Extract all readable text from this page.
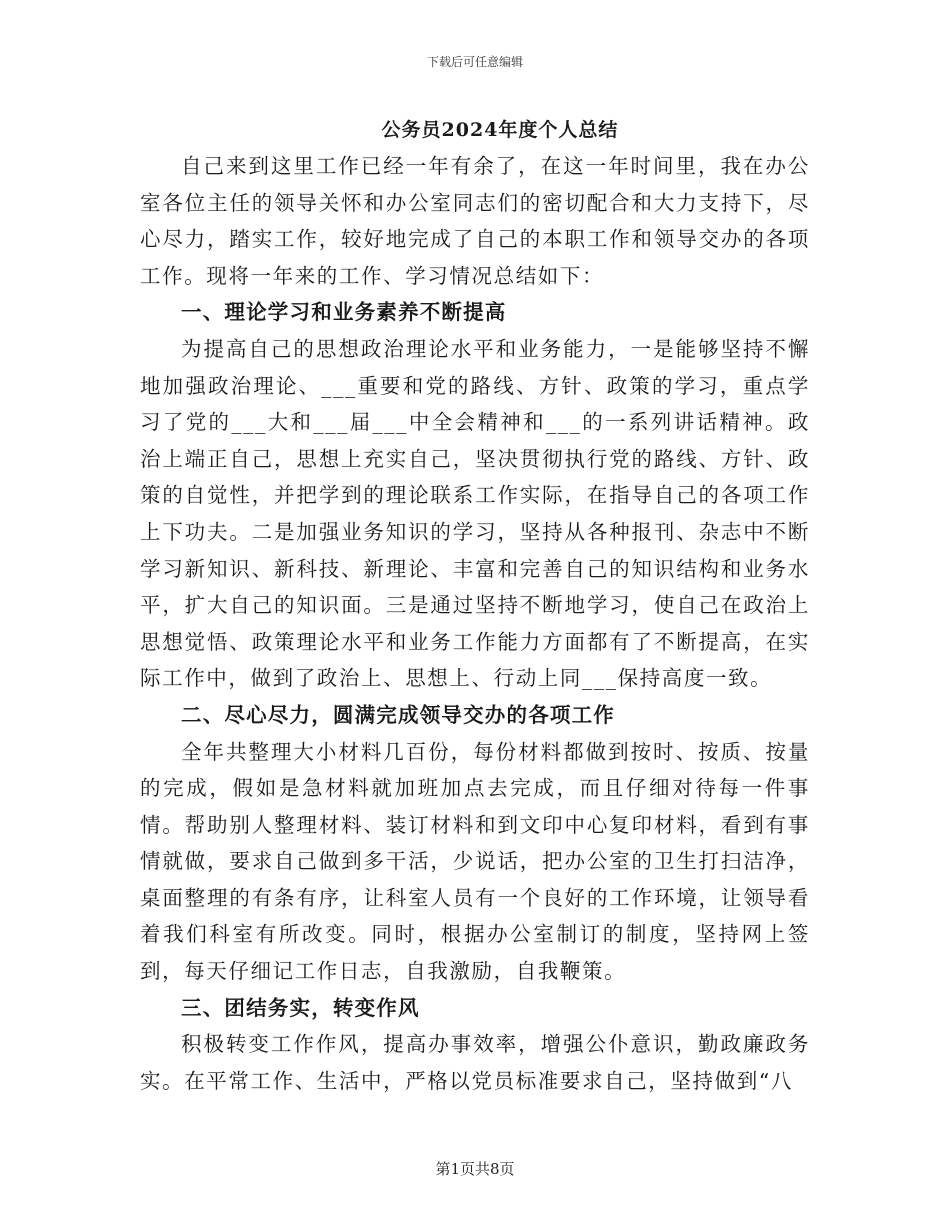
下载后可任意编辑
公务员2024年度个人总结

自己来到这里工作已经一年有余了，在这一年时间里，我在办公室各位主任的领导关怀和办公室同志们的密切配合和大力支持下，尽心尽力，踏实工作，较好地完成了自己的本职工作和领导交办的各项工作。现将一年来的工作、学习情况总结如下：

一、理论学习和业务素养不断提高

为提高自己的思想政治理论水平和业务能力，一是能够坚持不懈地加强政治理论、___重要和党的路线、方针、政策的学习，重点学习了党的___大和___届___中全会精神和___的一系列讲话精神。政治上端正自己，思想上充实自己，坚决贯彻执行党的路线、方针、政策的自觉性，并把学到的理论联系工作实际，在指导自己的各项工作上下功夫。二是加强业务知识的学习，坚持从各种报刊、杂志中不断学习新知识、新科技、新理论、丰富和完善自己的知识结构和业务水平，扩大自己的知识面。三是通过坚持不断地学习，使自己在政治上思想觉悟、政策理论水平和业务工作能力方面都有了不断提高，在实际工作中，做到了政治上、思想上、行动上同___保持高度一致。

二、尽心尽力，圆满完成领导交办的各项工作

全年共整理大小材料几百份，每份材料都做到按时、按质、按量的完成，假如是急材料就加班加点去完成，而且仔细对待每一件事情。帮助别人整理材料、装订材料和到文印中心复印材料，看到有事情就做，要求自己做到多干活，少说话，把办公室的卫生打扫洁净，桌面整理的有条有序，让科室人员有一个良好的工作环境，让领导看着我们科室有所改变。同时，根据办公室制订的制度，坚持网上签到，每天仔细记工作日志，自我激励，自我鞭策。

三、团结务实，转变作风

积极转变工作作风，提高办事效率，增强公仆意识，勤政廉政务实。在平常工作、生活中，严格以党员标准要求自己，坚持做到“八

第1页共8页
